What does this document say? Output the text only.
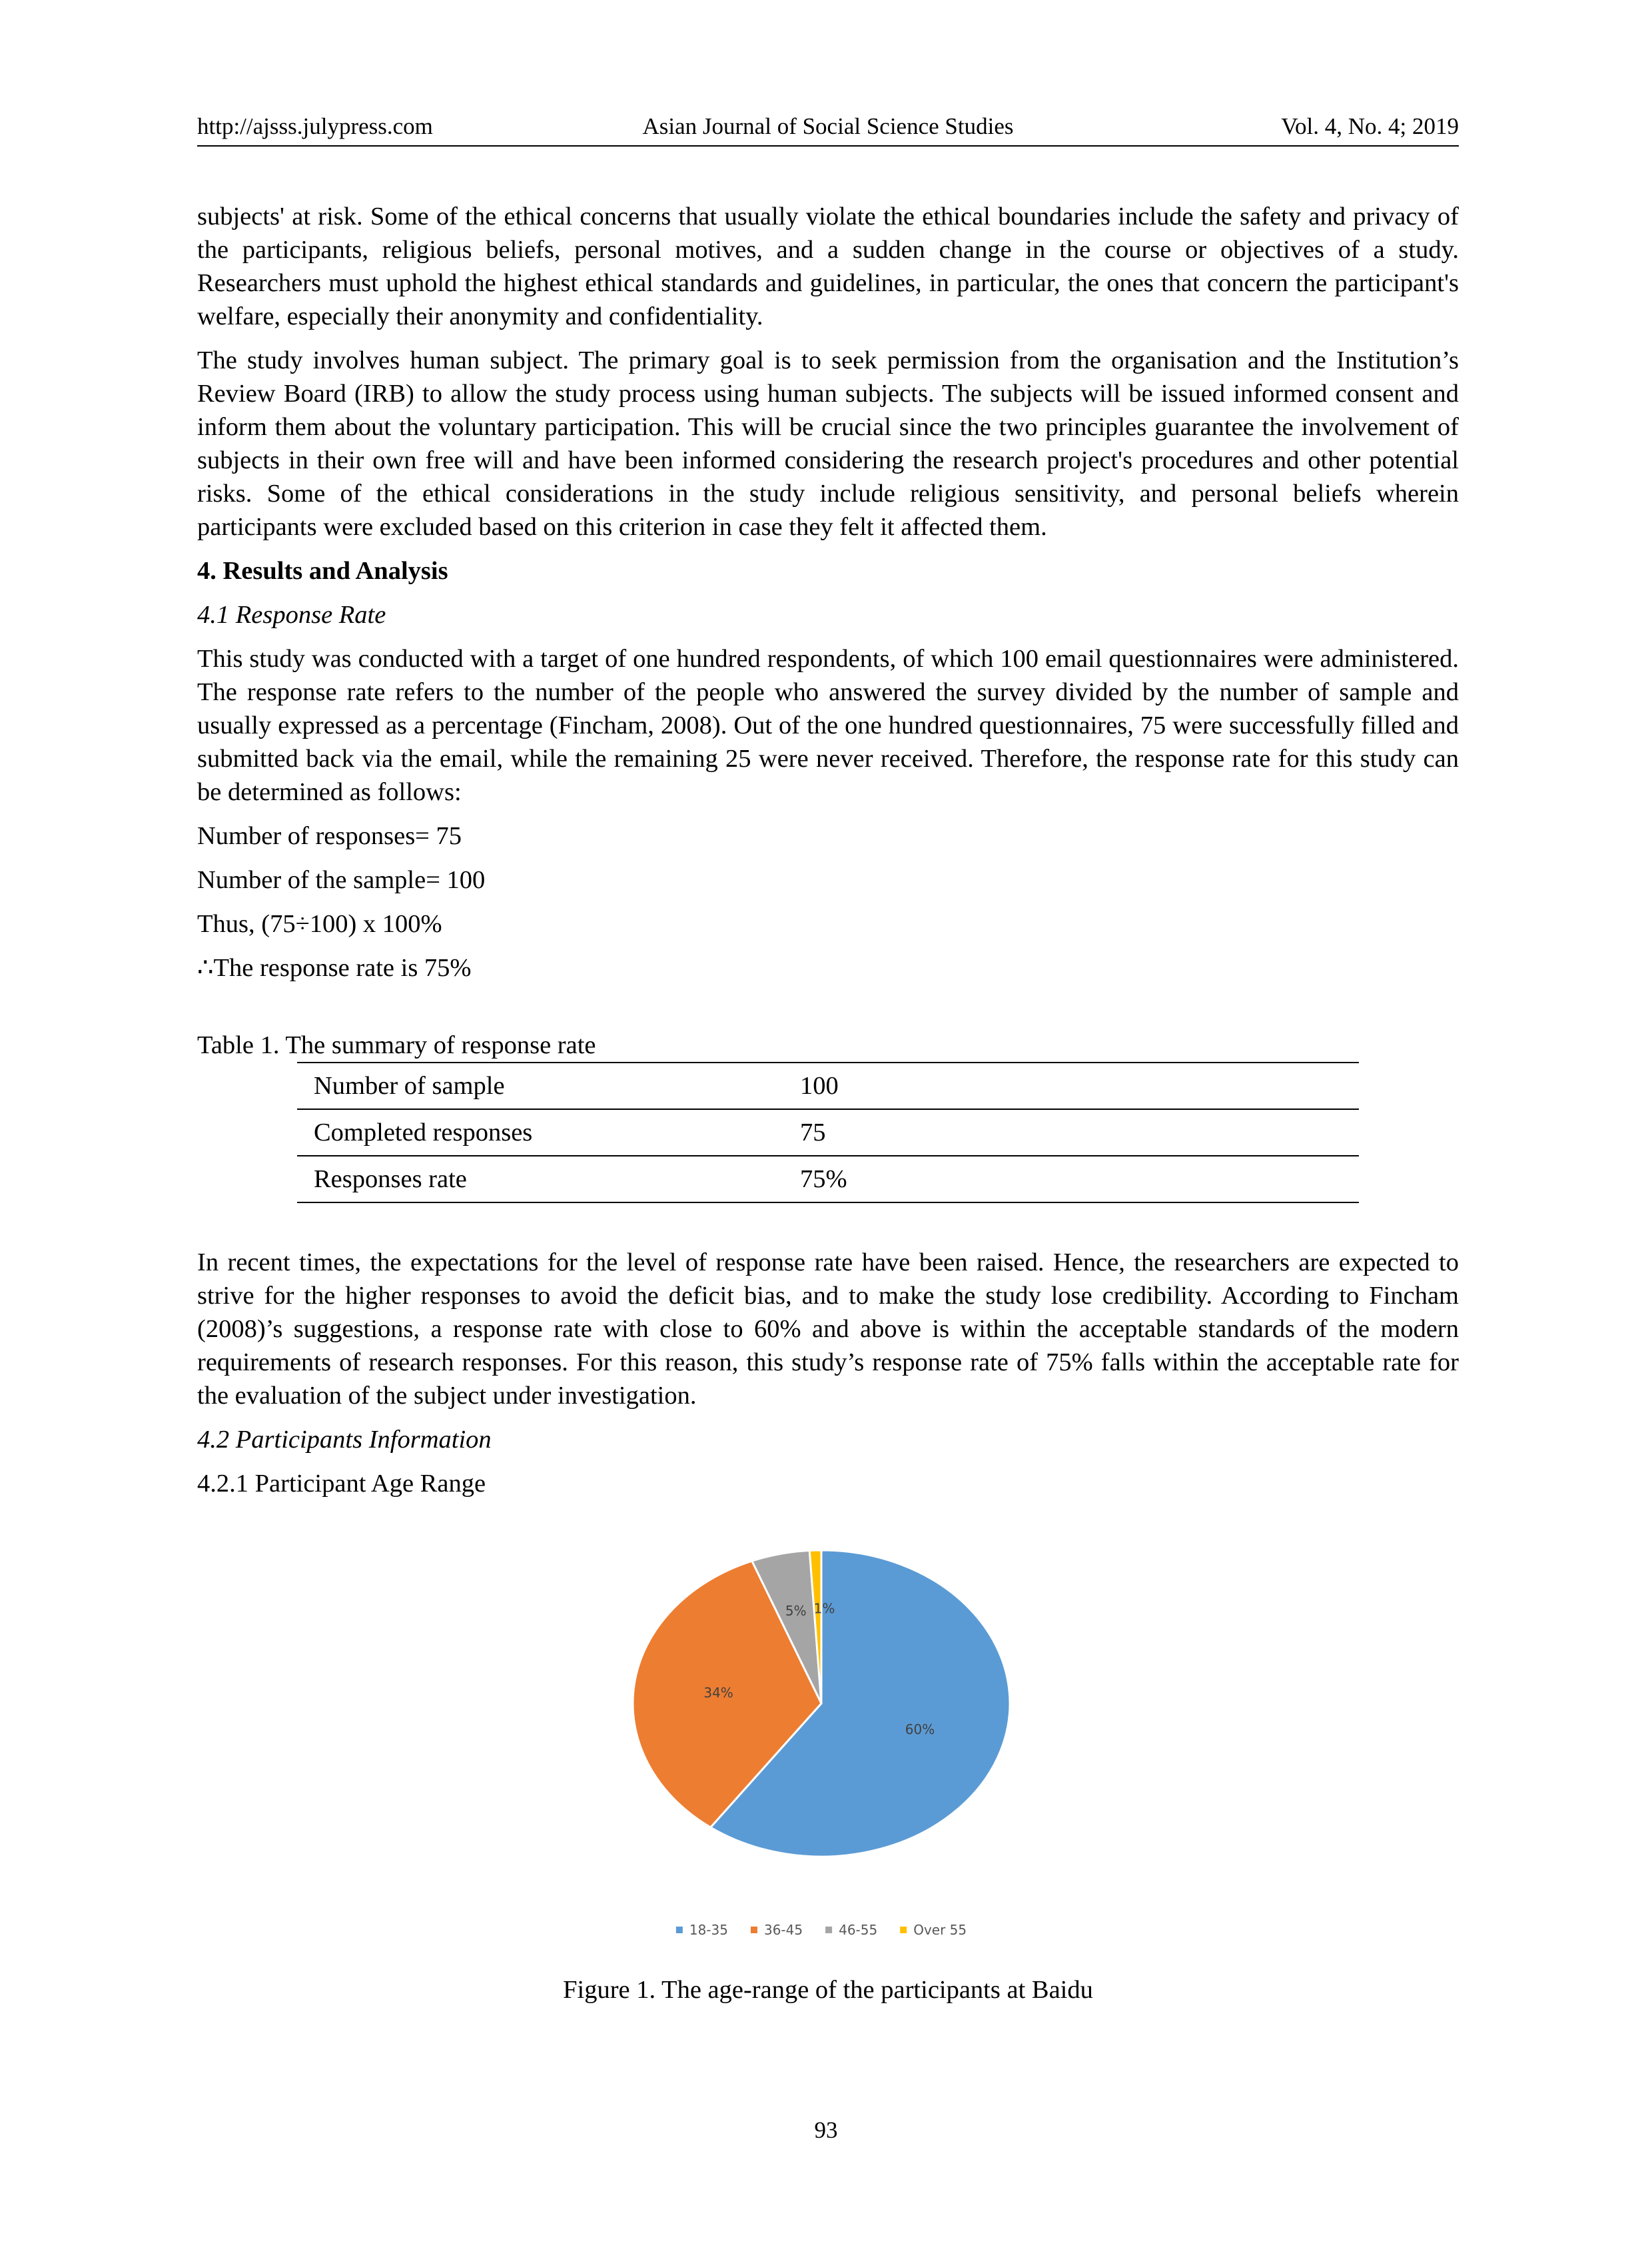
http://ajsss.julypress.com	Asian Journal of Social Science Studies	Vol. 4, No. 4; 2019

subjects' at risk. Some of the ethical concerns that usually violate the ethical boundaries include the safety and privacy of the participants, religious beliefs, personal motives, and a sudden change in the course or objectives of a study. Researchers must uphold the highest ethical standards and guidelines, in particular, the ones that concern the participant's welfare, especially their anonymity and confidentiality.

The study involves human subject. The primary goal is to seek permission from the organisation and the Institution’s Review Board (IRB) to allow the study process using human subjects. The subjects will be issued informed consent and inform them about the voluntary participation. This will be crucial since the two principles guarantee the involvement of subjects in their own free will and have been informed considering the research project's procedures and other potential risks. Some of the ethical considerations in the study include religious sensitivity, and personal beliefs wherein participants were excluded based on this criterion in case they felt it affected them.

4. Results and Analysis
4.1 Response Rate

This study was conducted with a target of one hundred respondents, of which 100 email questionnaires were administered. The response rate refers to the number of the people who answered the survey divided by the number of sample and usually expressed as a percentage (Fincham, 2008). Out of the one hundred questionnaires, 75 were successfully filled and submitted back via the email, while the remaining 25 were never received. Therefore, the response rate for this study can be determined as follows:

Number of responses= 75
Number of the sample= 100
Thus, (75÷100) x 100%
∴The response rate is 75%
Table 1. The summary of response rate
Number of sample	100
Completed responses	75
Responses rate	75%

In recent times, the expectations for the level of response rate have been raised. Hence, the researchers are expected to strive for the higher responses to avoid the deficit bias, and to make the study lose credibility. According to Fincham (2008)’s suggestions, a response rate with close to 60% and above is within the acceptable standards of the modern requirements of research responses. For this reason, this study’s response rate of 75% falls within the acceptable rate for the evaluation of the subject under investigation.

4.2 Participants Information
4.2.1 Participant Age Range
60%
34%
5% 1%
18-35	36-45	46-55	Over 55
Figure 1. The age-range of the participants at Baidu
93
